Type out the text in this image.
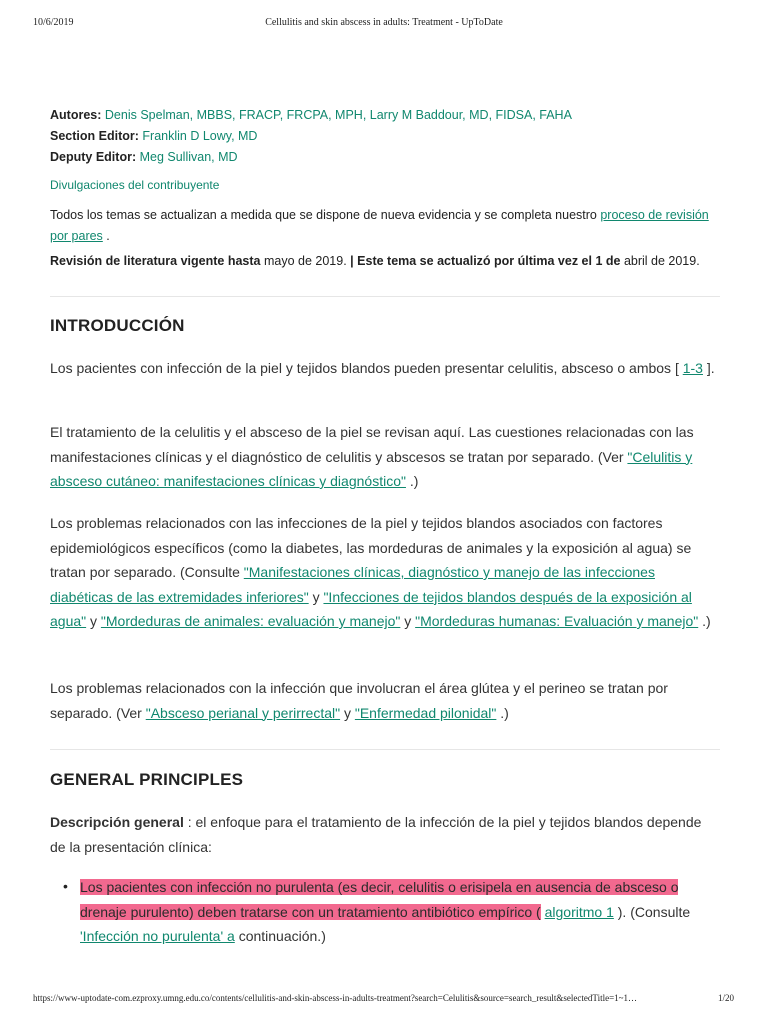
10/6/2019	Cellulitis and skin abscess in adults: Treatment - UpToDate
Autores: Denis Spelman, MBBS, FRACP, FRCPA, MPH, Larry M Baddour, MD, FIDSA, FAHA
Section Editor: Franklin D Lowy, MD
Deputy Editor: Meg Sullivan, MD
Divulgaciones del contribuyente
Todos los temas se actualizan a medida que se dispone de nueva evidencia y se completa nuestro proceso de revisión por pares .
Revisión de literatura vigente hasta mayo de 2019. | Este tema se actualizó por última vez el 1 de abril de 2019.
INTRODUCCIÓN

Los pacientes con infección de la piel y tejidos blandos pueden presentar celulitis, absceso o ambos [ 1-3 ].

El tratamiento de la celulitis y el absceso de la piel se revisan aquí. Las cuestiones relacionadas con las manifestaciones clínicas y el diagnóstico de celulitis y abscesos se tratan por separado. (Ver "Celulitis y absceso cutáneo: manifestaciones clínicas y diagnóstico" .)

Los problemas relacionados con las infecciones de la piel y tejidos blandos asociados con factores epidemiológicos específicos (como la diabetes, las mordeduras de animales y la exposición al agua) se tratan por separado. (Consulte "Manifestaciones clínicas, diagnóstico y manejo de las infecciones diabéticas de las extremidades inferiores" y "Infecciones de tejidos blandos después de la exposición al agua" y "Mordeduras de animales: evaluación y manejo" y "Mordeduras humanas: Evaluación y manejo" .)

Los problemas relacionados con la infección que involucran el área glútea y el perineo se tratan por separado. (Ver "Absceso perianal y perirrectal" y "Enfermedad pilonidal" .)

GENERAL PRINCIPLES

Descripción general : el enfoque para el tratamiento de la infección de la piel y tejidos blandos depende de la presentación clínica:

• Los pacientes con infección no purulenta (es decir, celulitis o erisipela en ausencia de absceso o drenaje purulento) deben tratarse con un tratamiento antibiótico empírico ( algoritmo 1 ). (Consulte 'Infección no purulenta' a continuación.)

https://www-uptodate-com.ezproxy.umng.edu.co/contents/cellulitis-and-skin-abscess-in-adults-treatment?search=Celulitis&source=search_result&selectedTitle=1~1…	1/20
